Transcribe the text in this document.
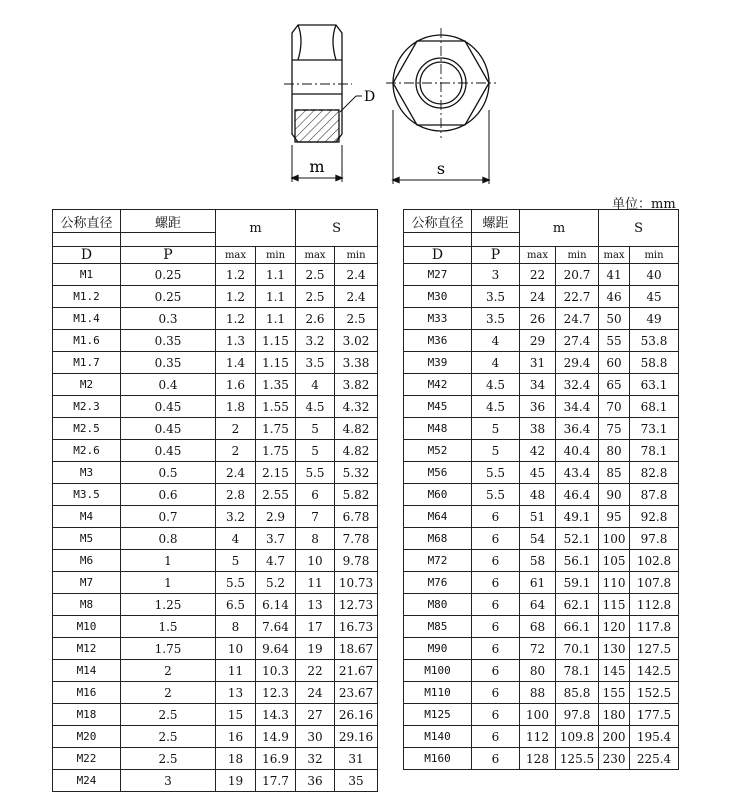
m
D
s
单位：mm
公称直径	螺距	m		S	

D	P	max	min	max	min
M1	0.25	1.2	1.1	2.5	2.4
M1.2	0.25	1.2	1.1	2.5	2.4
M1.4	0.3	1.2	1.1	2.6	2.5
M1.6	0.35	1.3	1.15	3.2	3.02
M1.7	0.35	1.4	1.15	3.5	3.38
M2	0.4	1.6	1.35	4	3.82
M2.3	0.45	1.8	1.55	4.5	4.32
M2.5	0.45	2	1.75	5	4.82
M2.6	0.45	2	1.75	5	4.82
M3	0.5	2.4	2.15	5.5	5.32
M3.5	0.6	2.8	2.55	6	5.82
M4	0.7	3.2	2.9	7	6.78
M5	0.8	4	3.7	8	7.78
M6	1	5	4.7	10	9.78
M7	1	5.5	5.2	11	10.73
M8	1.25	6.5	6.14	13	12.73
M10	1.5	8	7.64	17	16.73
M12	1.75	10	9.64	19	18.67
M14	2	11	10.3	22	21.67
M16	2	13	12.3	24	23.67
M18	2.5	15	14.3	27	26.16
M20	2.5	16	14.9	30	29.16
M22	2.5	18	16.9	32	31
M24	3	19	17.7	36	35
公称直径	螺距	m		S	

D	P	max	min	max	min
M27	3	22	20.7	41	40
M30	3.5	24	22.7	46	45
M33	3.5	26	24.7	50	49
M36	4	29	27.4	55	53.8
M39	4	31	29.4	60	58.8
M42	4.5	34	32.4	65	63.1
M45	4.5	36	34.4	70	68.1
M48	5	38	36.4	75	73.1
M52	5	42	40.4	80	78.1
M56	5.5	45	43.4	85	82.8
M60	5.5	48	46.4	90	87.8
M64	6	51	49.1	95	92.8
M68	6	54	52.1	100	97.8
M72	6	58	56.1	105	102.8
M76	6	61	59.1	110	107.8
M80	6	64	62.1	115	112.8
M85	6	68	66.1	120	117.8
M90	6	72	70.1	130	127.5
M100	6	80	78.1	145	142.5
M110	6	88	85.8	155	152.5
M125	6	100	97.8	180	177.5
M140	6	112	109.8	200	195.4
M160	6	128	125.5	230	225.4
